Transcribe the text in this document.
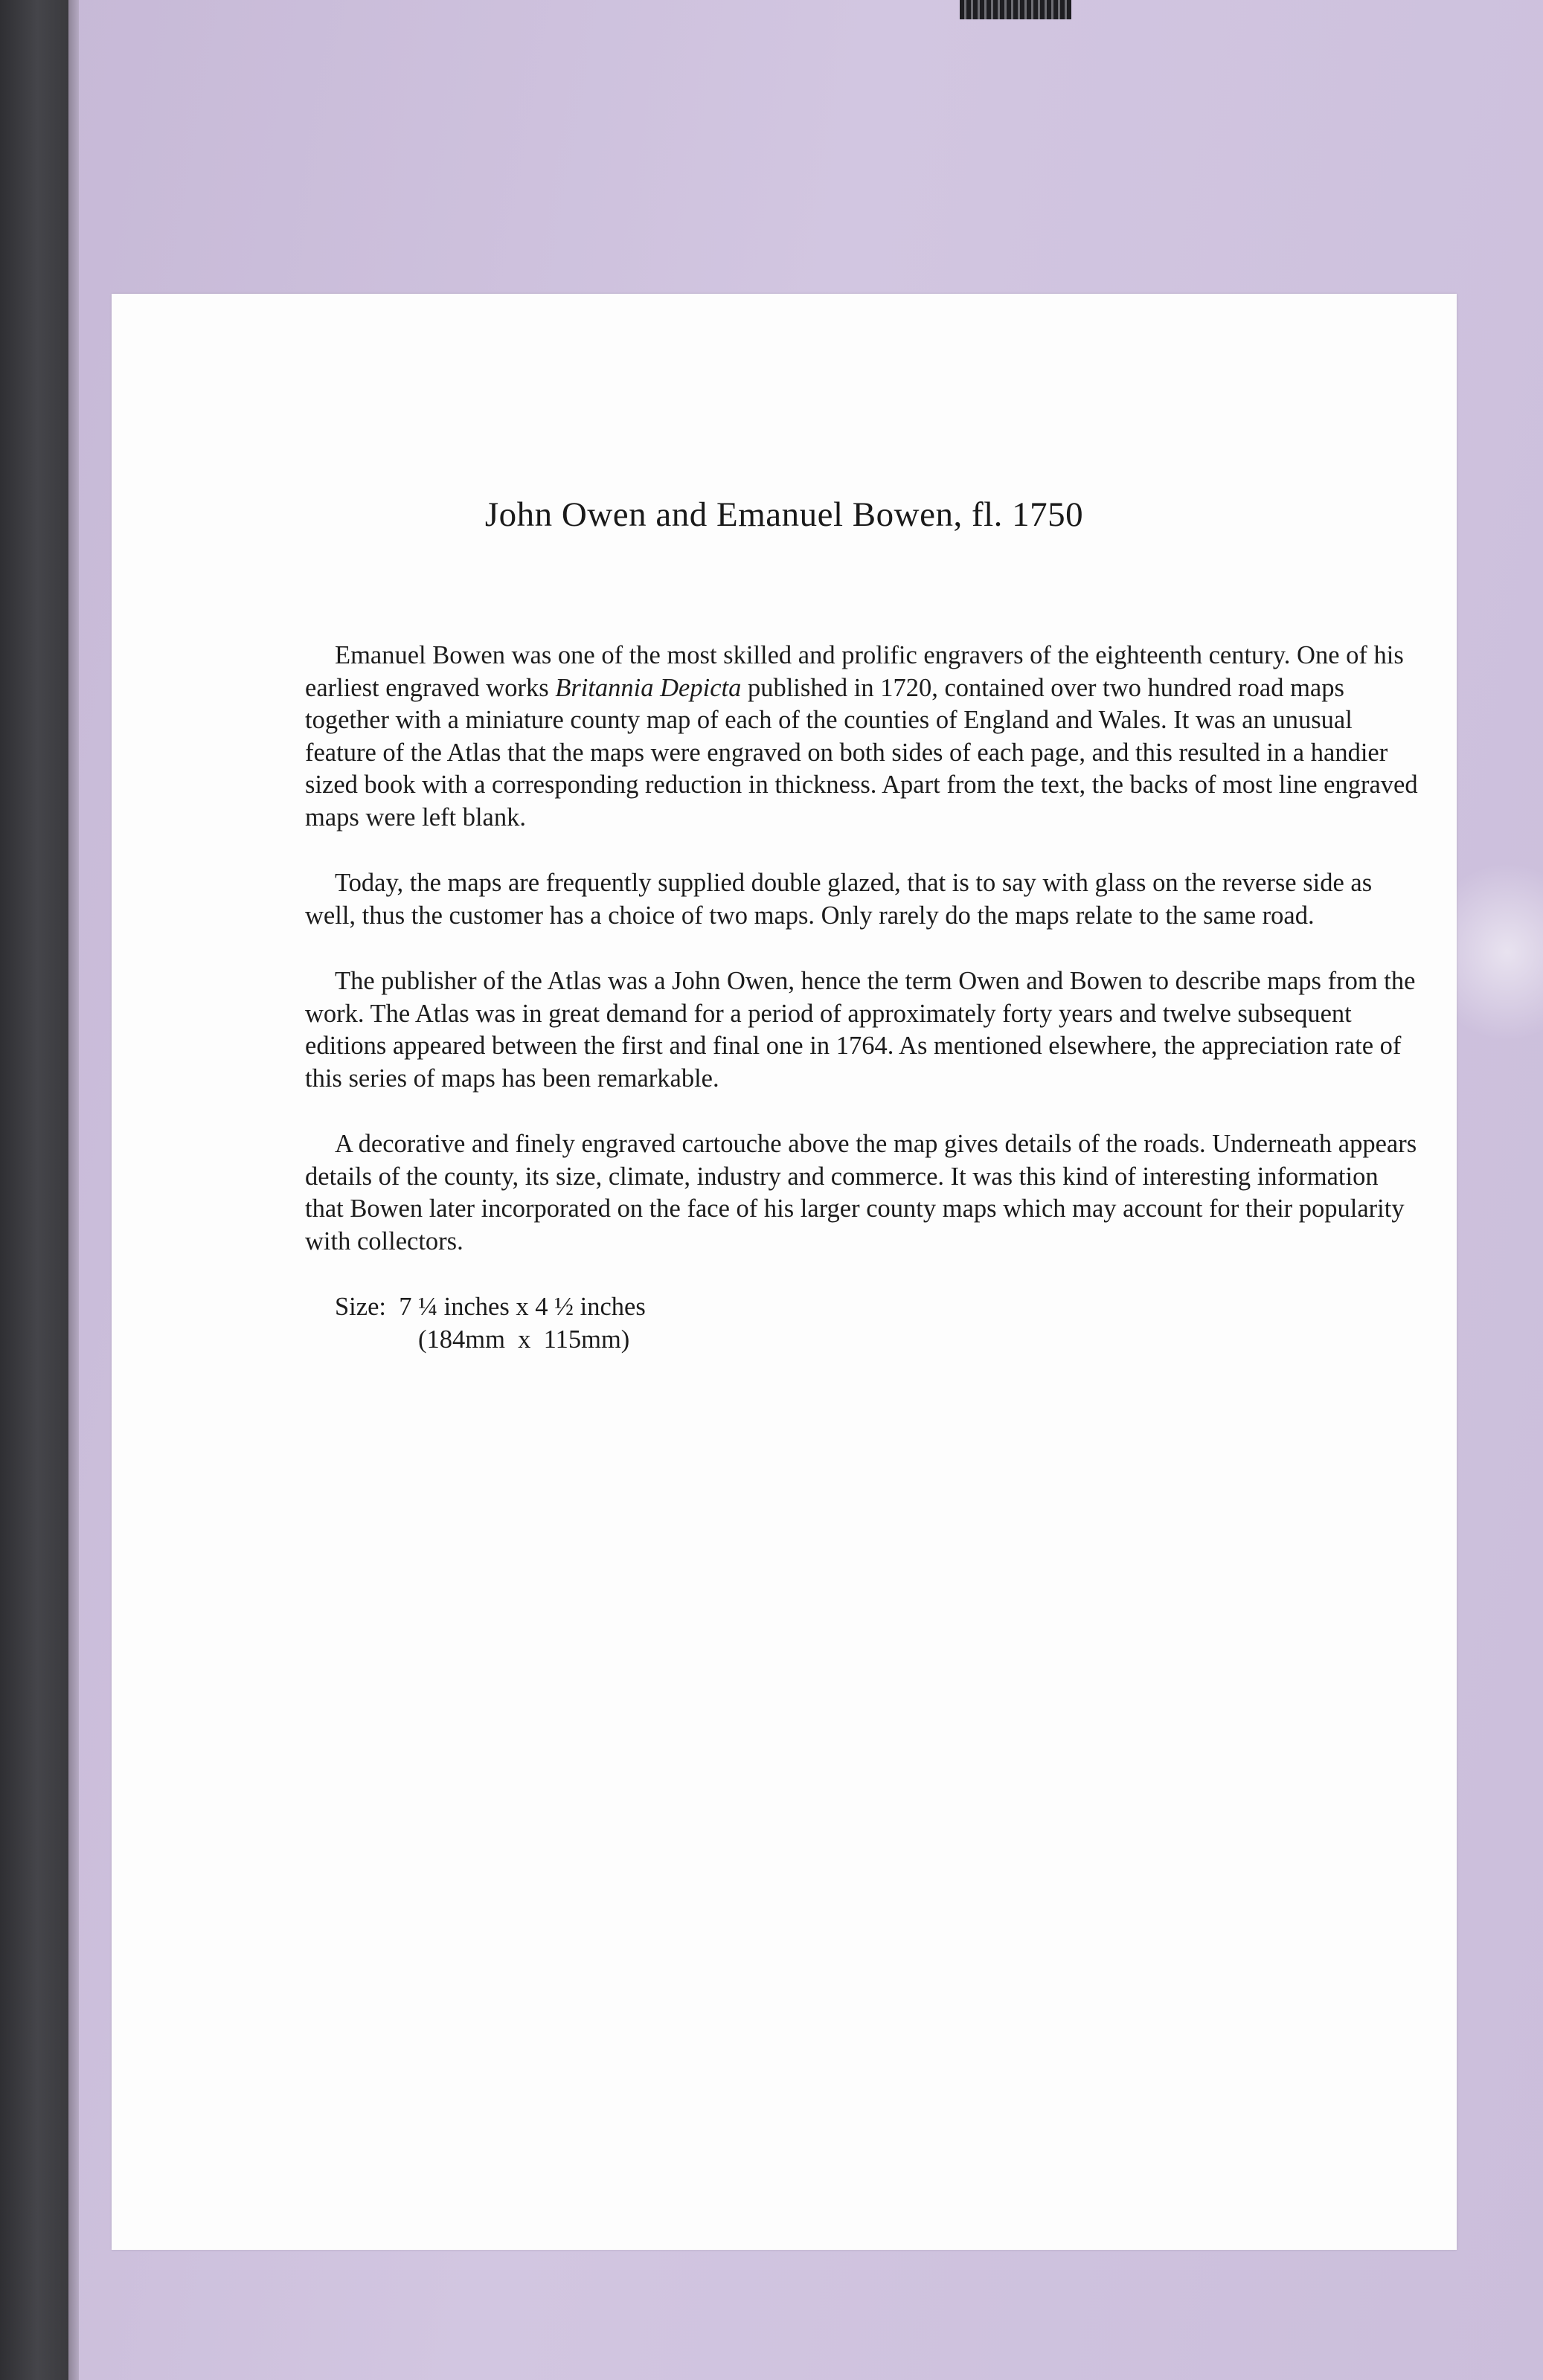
John Owen and Emanuel Bowen, fl. 1750

Emanuel Bowen was one of the most skilled and prolific engravers of the eighteenth century. One of his earliest engraved works Britannia Depicta published in 1720, contained over two hundred road maps together with a miniature county map of each of the counties of England and Wales. It was an unusual feature of the Atlas that the maps were engraved on both sides of each page, and this resulted in a handier sized book with a corresponding reduction in thickness. Apart from the text, the backs of most line engraved maps were left blank.

Today, the maps are frequently supplied double glazed, that is to say with glass on the reverse side as well, thus the customer has a choice of two maps. Only rarely do the maps relate to the same road.

The publisher of the Atlas was a John Owen, hence the term Owen and Bowen to describe maps from the work. The Atlas was in great demand for a period of approximately forty years and twelve subsequent editions appeared between the first and final one in 1764. As mentioned elsewhere, the appreciation rate of this series of maps has been remarkable.

A decorative and finely engraved cartouche above the map gives details of the roads. Underneath appears details of the county, its size, climate, industry and commerce. It was this kind of interesting information that Bowen later incorporated on the face of his larger county maps which may account for their popularity with collectors.

Size:  7 ¼ inches x 4 ½ inches
(184mm  x  115mm)
